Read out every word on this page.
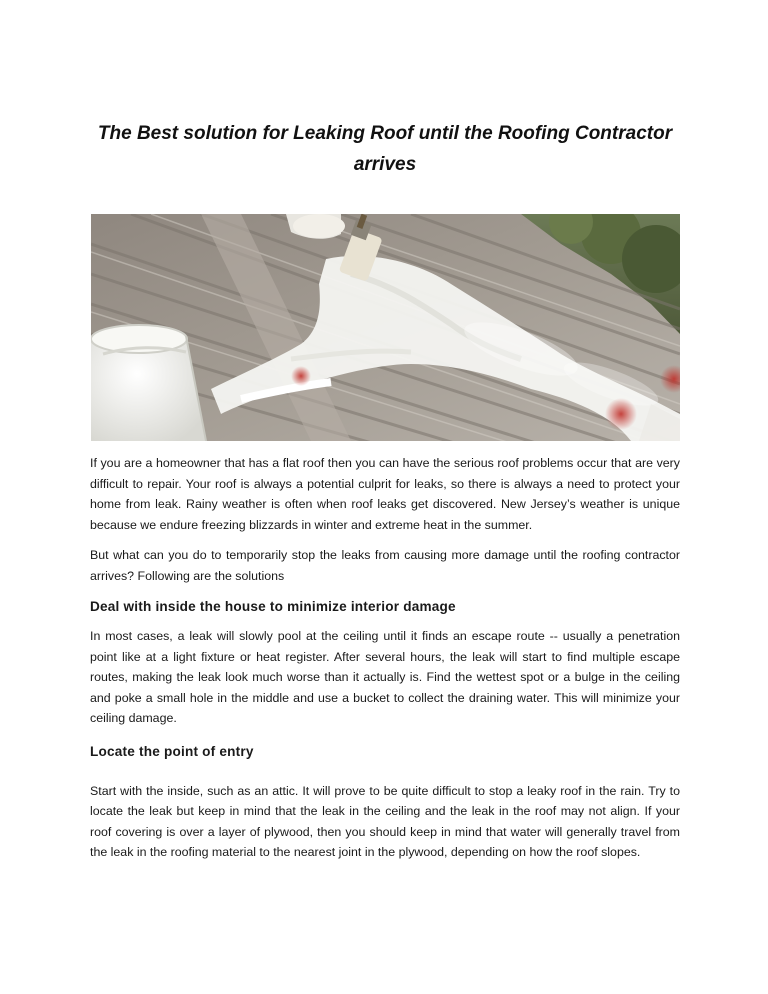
The Best solution for Leaking Roof until the Roofing Contractor arrives

If you are a homeowner that has a flat roof then you can have the serious roof problems occur that are very difficult to repair. Your roof is always a potential culprit for leaks, so there is always a need to protect your home from leak. Rainy weather is often when roof leaks get discovered. New Jersey’s weather is unique because we endure freezing blizzards in winter and extreme heat in the summer.

But what can you do to temporarily stop the leaks from causing more damage until the roofing contractor arrives? Following are the solutions

Deal with inside the house to minimize interior damage

In most cases, a leak will slowly pool at the ceiling until it finds an escape route -- usually a penetration point like at a light fixture or heat register. After several hours, the leak will start to find multiple escape routes, making the leak look much worse than it actually is. Find the wettest spot or a bulge in the ceiling and poke a small hole in the middle and use a bucket to collect the draining water. This will minimize your ceiling damage.

Locate the point of entry

Start with the inside, such as an attic. It will prove to be quite difficult to stop a leaky roof in the rain. Try to locate the leak but keep in mind that the leak in the ceiling and the leak in the roof may not align. If your roof covering is over a layer of plywood, then you should keep in mind that water will generally travel from the leak in the roofing material to the nearest joint in the plywood, depending on how the roof slopes.
